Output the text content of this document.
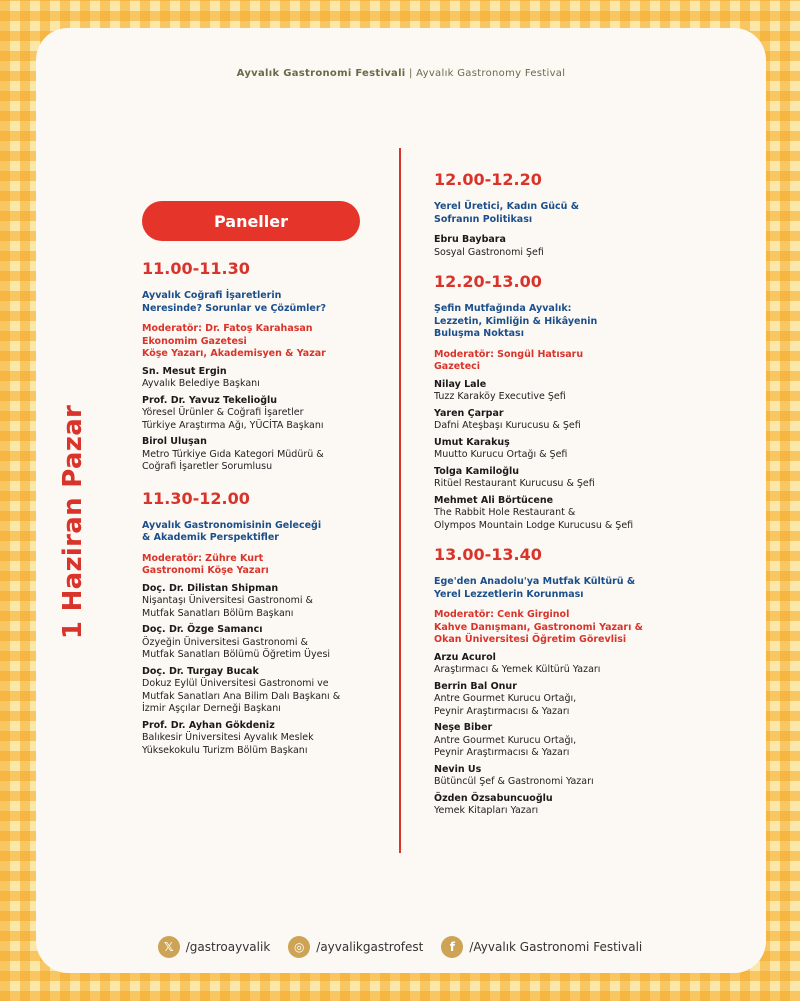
Ayvalık Gastronomi Festivali | Ayvalık Gastronomy Festival
1 Haziran Pazar
Paneller
11.00-11.30
Ayvalık Coğrafi İşaretlerin
Neresinde? Sorunlar ve Çözümler?
Moderatör: Dr. Fatoş Karahasan
Ekonomim Gazetesi
Köşe Yazarı, Akademisyen & Yazar
Sn. Mesut Ergin
Ayvalık Belediye Başkanı
Prof. Dr. Yavuz Tekelioğlu
Yöresel Ürünler & Coğrafi İşaretler
Türkiye Araştırma Ağı, YÜCİTA Başkanı
Birol Uluşan
Metro Türkiye Gıda Kategori Müdürü &
Coğrafi İşaretler Sorumlusu
11.30-12.00
Ayvalık Gastronomisinin Geleceği
& Akademik Perspektifler
Moderatör: Zühre Kurt
Gastronomi Köşe Yazarı
Doç. Dr. Dilistan Shipman
Nişantaşı Üniversitesi Gastronomi &
Mutfak Sanatları Bölüm Başkanı
Doç. Dr. Özge Samancı
Özyeğin Üniversitesi Gastronomi &
Mutfak Sanatları Bölümü Öğretim Üyesi
Doç. Dr. Turgay Bucak
Dokuz Eylül Üniversitesi Gastronomi ve
Mutfak Sanatları Ana Bilim Dalı Başkanı &
İzmir Aşçılar Derneği Başkanı
Prof. Dr. Ayhan Gökdeniz
Balıkesir Üniversitesi Ayvalık Meslek
Yüksekokulu Turizm Bölüm Başkanı
12.00-12.20
Yerel Üretici, Kadın Gücü &
Sofranın Politikası
Ebru Baybara
Sosyal Gastronomi Şefi
12.20-13.00
Şefin Mutfağında Ayvalık:
Lezzetin, Kimliğin & Hikâyenin
Buluşma Noktası
Moderatör: Songül Hatısaru
Gazeteci
Nilay Lale
Tuzz Karaköy Executive Şefi
Yaren Çarpar
Dafni Ateşbaşı Kurucusu & Şefi
Umut Karakuş
Muutto Kurucu Ortağı & Şefi
Tolga Kamiloğlu
Ritüel Restaurant Kurucusu & Şefi
Mehmet Ali Börtücene
The Rabbit Hole Restaurant &
Olympos Mountain Lodge Kurucusu & Şefi
13.00-13.40
Ege'den Anadolu'ya Mutfak Kültürü &
Yerel Lezzetlerin Korunması
Moderatör: Cenk Girginol
Kahve Danışmanı, Gastronomi Yazarı &
Okan Üniversitesi Öğretim Görevlisi
Arzu Acurol
Araştırmacı & Yemek Kültürü Yazarı
Berrin Bal Onur
Antre Gourmet Kurucu Ortağı,
Peynir Araştırmacısı & Yazarı
Neşe Biber
Antre Gourmet Kurucu Ortağı,
Peynir Araştırmacısı & Yazarı
Nevin Us
Bütüncül Şef & Gastronomi Yazarı
Özden Özsabuncuoğlu
Yemek Kitapları Yazarı
𝕏	/gastroayvalik	◎ /ayvalikgastrofest	f	/Ayvalık Gastronomi Festivali
